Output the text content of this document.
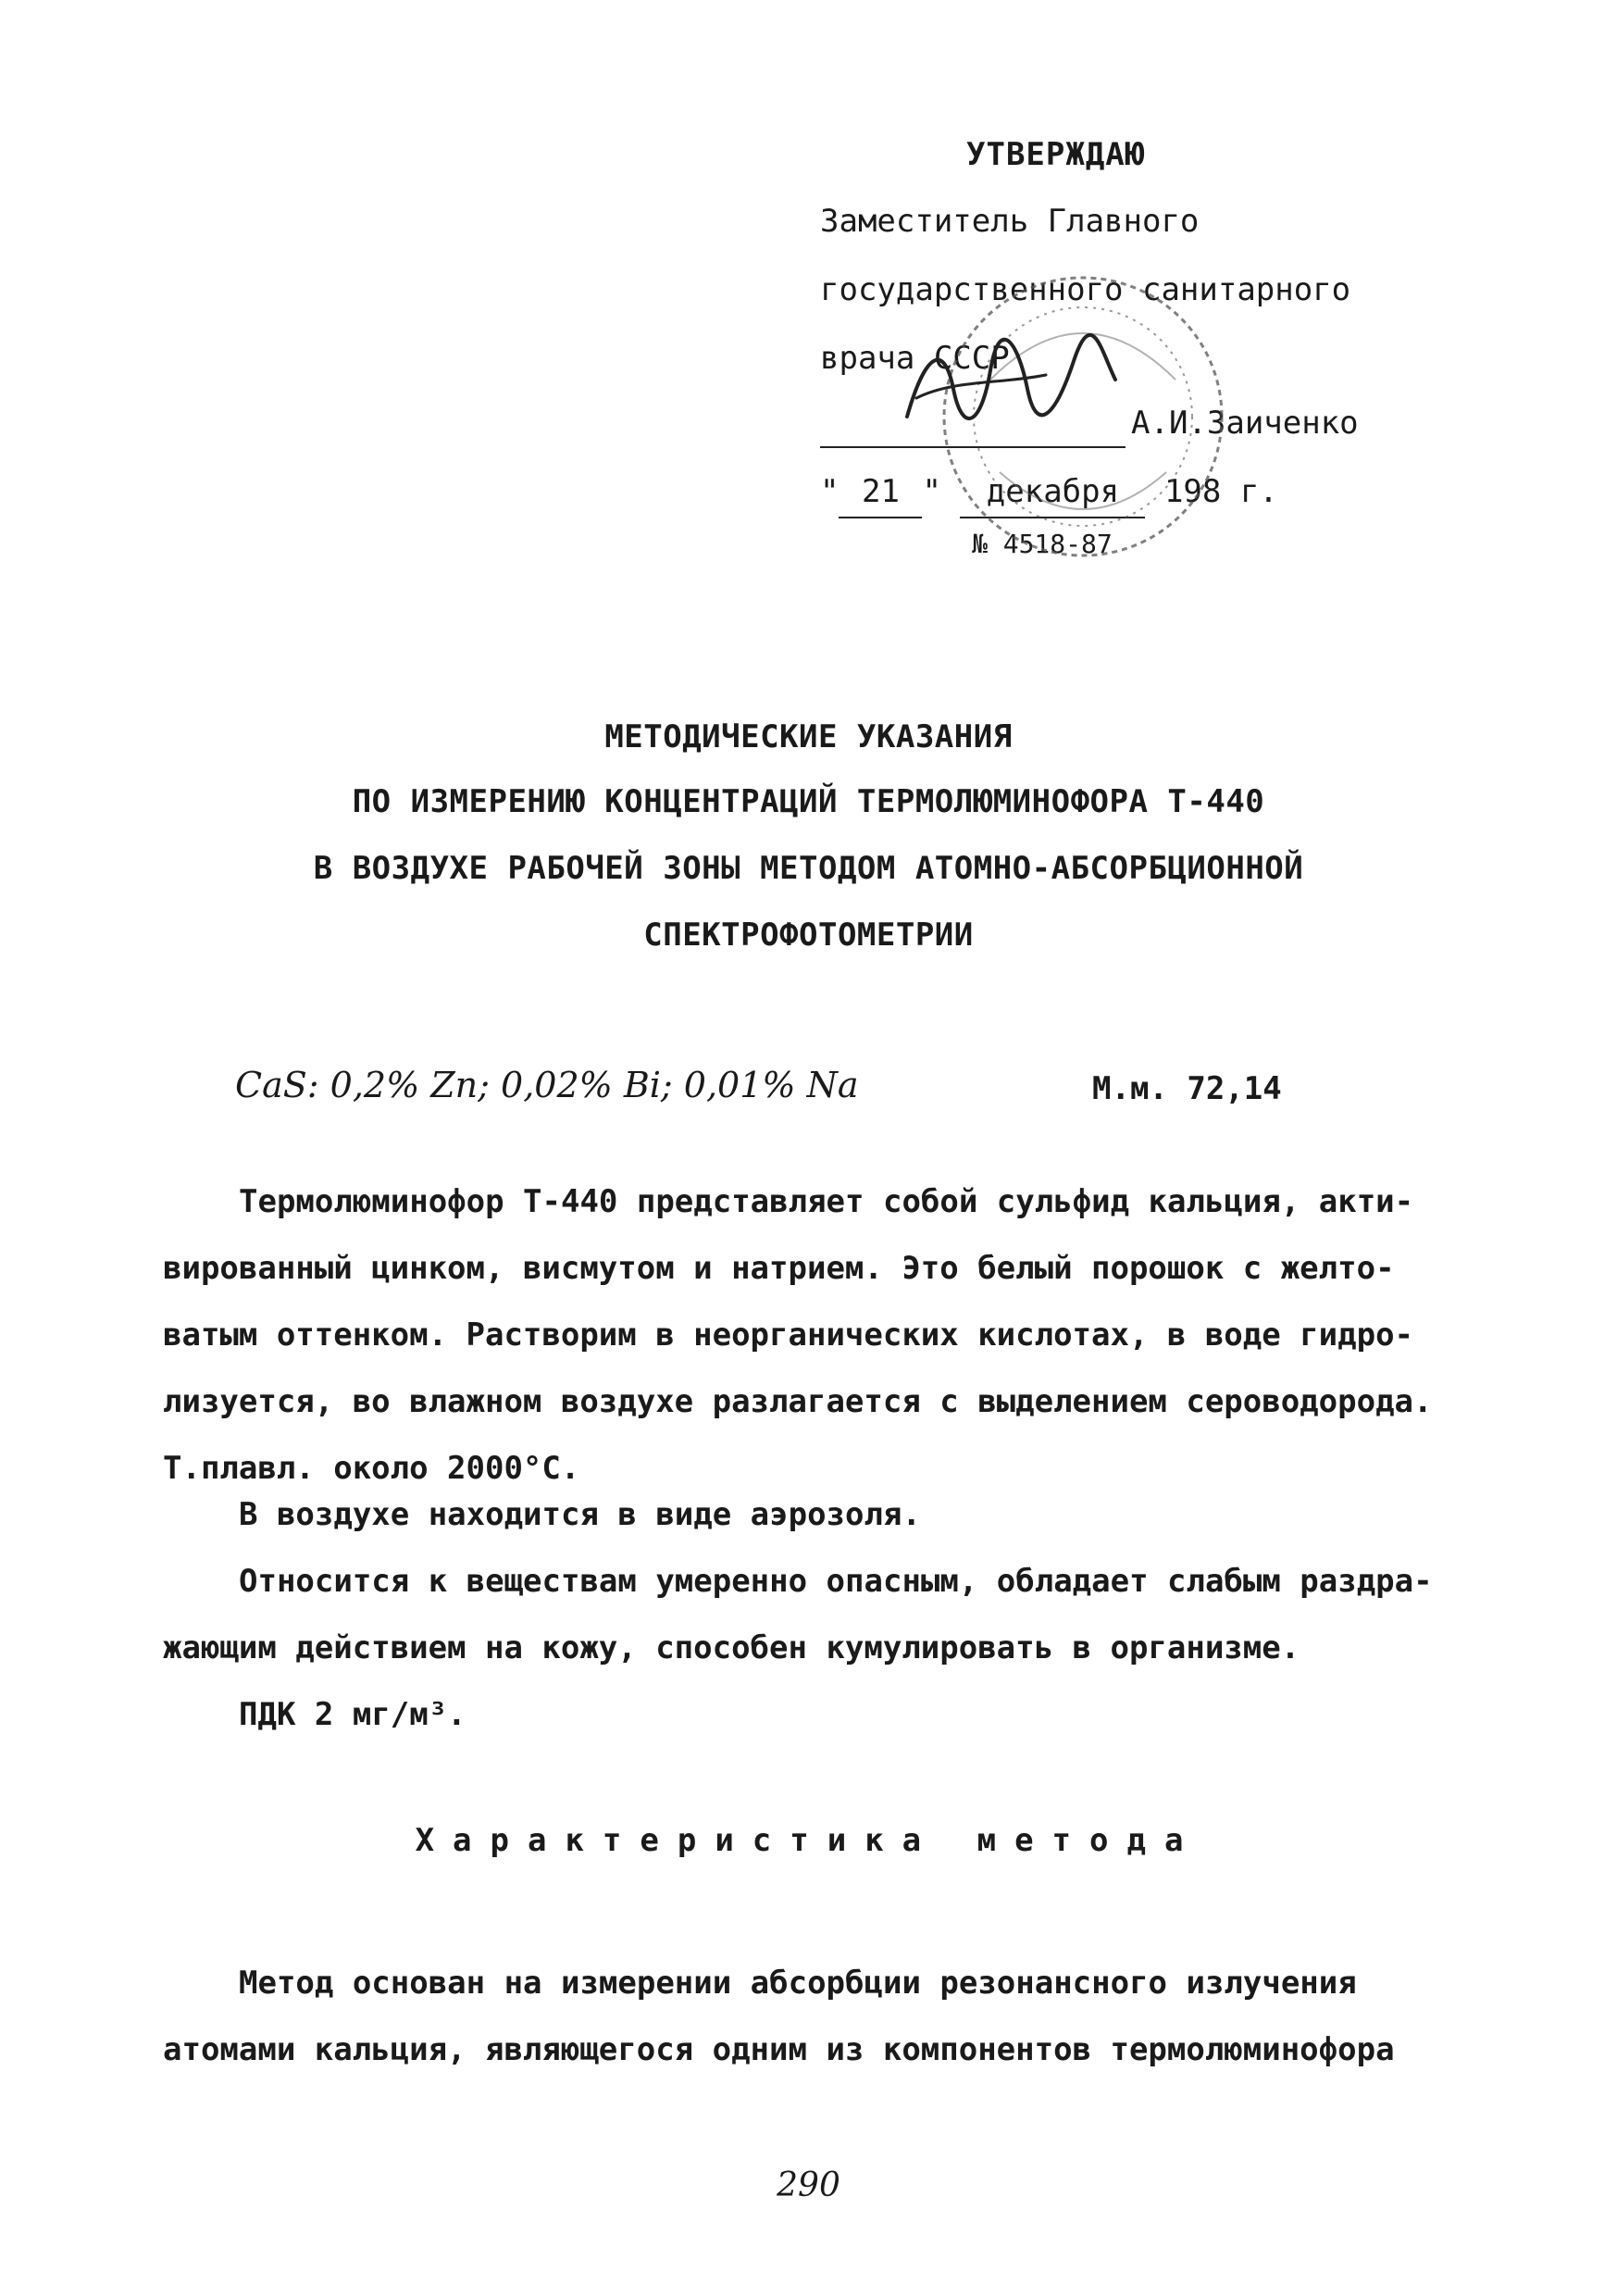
УТВЕРЖДАЮ
Заместитель Главного
государственного санитарного
врача СССР
А.И.Заиченко
" 21 " декабря 198 г.
№ 4518-87
МЕТОДИЧЕСКИЕ УКАЗАНИЯ
ПО ИЗМЕРЕНИЮ КОНЦЕНТРАЦИЙ ТЕРМОЛЮМИНОФОРА Т-440
В ВОЗДУХЕ РАБОЧЕЙ ЗОНЫ МЕТОДОМ АТОМНО-АБСОРБЦИОННОЙ
СПЕКТРОФОТОМЕТРИИ
CaS: 0,2% Zn; 0,02% Bi; 0,01% Na	М.м. 72,14
Термолюминофор Т-440 представляет собой сульфид кальция, акти-
вированный цинком, висмутом и натрием. Это белый порошок с желто-
ватым оттенком. Растворим в неорганических кислотах, в воде гидро-
лизуется, во влажном воздухе разлагается с выделением сероводорода.
Т.плавл. около 2000°С.
В воздухе находится в виде аэрозоля.
Относится к веществам умеренно опасным, обладает слабым раздра-
жающим действием на кожу, способен кумулировать в организме.
ПДК 2 мг/м³.
Характеристика метода
Метод основан на измерении абсорбции резонансного излучения
атомами кальция, являющегося одним из компонентов термолюминофора
290
